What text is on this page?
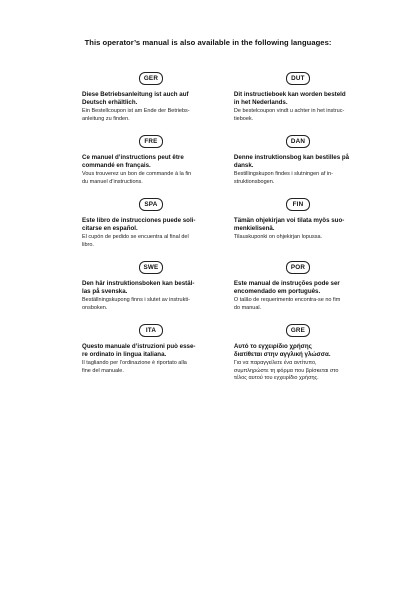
This operator’s manual is also available in the following languages:
GER
Diese Betriebsanleitung ist auch auf
Deutsch erhältlich.
Ein Bestellcoupon ist am Ende der Betriebs-
anleitung zu finden.
DUT
Dit instructieboek kan worden besteld
in het Nederlands.
De bestelcoupon vindt u achter in het instruc-
tieboek.
FRE
Ce manuel d’instructions peut être
commandé en français.
Vous trouverez un bon de commande à la fin
du manuel d’instructions.
DAN
Denne instruktionsbog kan bestilles på
dansk.
Bestillingskupon findes i slutningen af in-
struktionsbogen.
SPA
Este libro de instrucciones puede soli-
citarse en español.
El cupón de pedido se encuentra al final del
libro.
FIN
Tämän ohjekirjan voi tilata myös suo-
menkielisenä.
Tilauskuponki on ohjekirjan lopussa.
SWE
Den här instruktionsboken kan bestäl-
las på svenska.
Beställningskupong finns i slutet av instrukti-
onsboken.
POR
Este manual de instruções pode ser
encomendado em português.
O talão de requerimento encontra-se no fim
do manual.
ITA
Questo manuale d’istruzioni può esse-
re ordinato in lingua italiana.
Il tagliando per l’ordinazione è riportato alla
fine del manuale.
GRE
Αυτό το εγχειρίδιο χρήσης
διατίθεται στην αγγλική γλώσσα.
Για να παραγγείλετε ένα αντίτυπο,
συμπληρώστε τη φόρμα που βρίσκεται στο
τέλος αυτού του εγχειρίδιο χρήσης.
